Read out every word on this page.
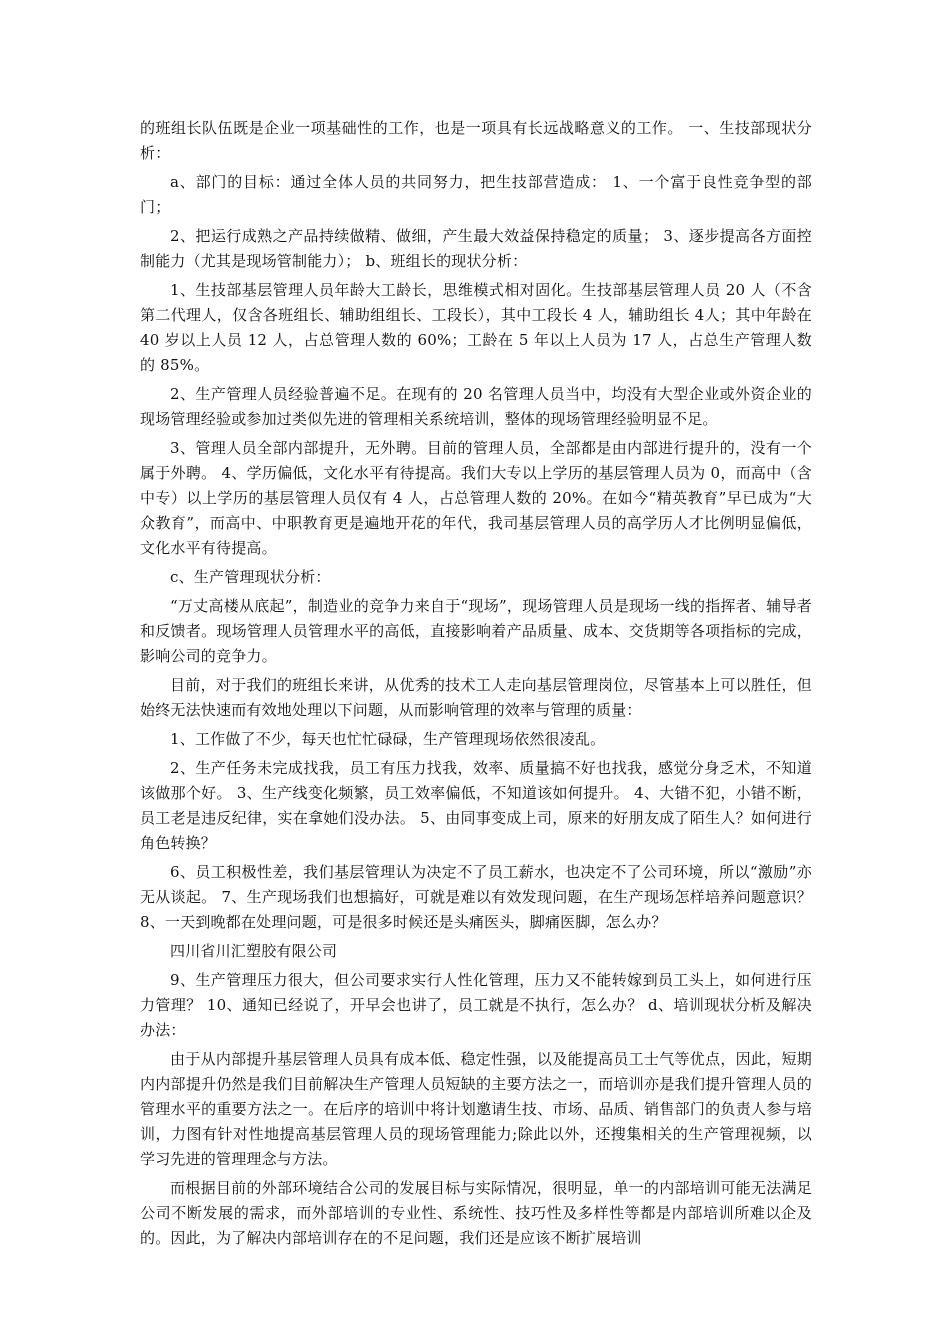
的班组长队伍既是企业一项基础性的工作，也是一项具有长远战略意义的工作。 一、生技部现状分析：

a、部门的目标：通过全体人员的共同努力，把生技部营造成： 1、一个富于良性竞争型的部门；

2、把运行成熟之产品持续做精、做细，产生最大效益保持稳定的质量； 3、逐步提高各方面控制能力（尤其是现场管制能力）； b、班组长的现状分析：

1、生技部基层管理人员年龄大工龄长，思维模式相对固化。生技部基层管理人员 20 人（不含第二代理人，仅含各班组长、辅助组组长、工段长），其中工段长 4 人，辅助组长 4人；其中年龄在 40 岁以上人员 12 人，占总管理人数的 60%；工龄在 5 年以上人员为 17 人，占总生产管理人数的 85%。

2、生产管理人员经验普遍不足。在现有的 20 名管理人员当中，均没有大型企业或外资企业的现场管理经验或参加过类似先进的管理相关系统培训，整体的现场管理经验明显不足。

3、管理人员全部内部提升，无外聘。目前的管理人员，全部都是由内部进行提升的，没有一个属于外聘。 4、学历偏低，文化水平有待提高。我们大专以上学历的基层管理人员为 0，而高中（含中专）以上学历的基层管理人员仅有 4 人，占总管理人数的 20%。在如今“精英教育”早已成为“大众教育”，而高中、中职教育更是遍地开花的年代，我司基层管理人员的高学历人才比例明显偏低，文化水平有待提高。

c、生产管理现状分析：

“万丈高楼从底起”，制造业的竞争力来自于“现场”，现场管理人员是现场一线的指挥者、辅导者和反馈者。现场管理人员管理水平的高低，直接影响着产品质量、成本、交货期等各项指标的完成，影响公司的竞争力。

目前，对于我们的班组长来讲，从优秀的技术工人走向基层管理岗位，尽管基本上可以胜任，但始终无法快速而有效地处理以下问题，从而影响管理的效率与管理的质量：

1、工作做了不少，每天也忙忙碌碌，生产管理现场依然很凌乱。

2、生产任务未完成找我，员工有压力找我，效率、质量搞不好也找我，感觉分身乏术，不知道该做那个好。 3、生产线变化频繁，员工效率偏低，不知道该如何提升。 4、大错不犯，小错不断，员工老是违反纪律，实在拿她们没办法。 5、由同事变成上司，原来的好朋友成了陌生人？如何进行角色转换？

6、员工积极性差，我们基层管理认为决定不了员工薪水，也决定不了公司环境，所以“激励”亦无从谈起。 7、生产现场我们也想搞好，可就是难以有效发现问题，在生产现场怎样培养问题意识？ 8、一天到晚都在处理问题，可是很多时候还是头痛医头，脚痛医脚，怎么办？

四川省川汇塑胶有限公司

9、生产管理压力很大，但公司要求实行人性化管理，压力又不能转嫁到员工头上，如何进行压力管理？ 10、通知已经说了，开早会也讲了，员工就是不执行，怎么办？ d、培训现状分析及解决办法：

由于从内部提升基层管理人员具有成本低、稳定性强，以及能提高员工士气等优点，因此，短期内内部提升仍然是我们目前解决生产管理人员短缺的主要方法之一，而培训亦是我们提升管理人员的管理水平的重要方法之一。在后序的培训中将计划邀请生技、市场、品质、销售部门的负责人参与培训，力图有针对性地提高基层管理人员的现场管理能力;除此以外，还搜集相关的生产管理视频，以学习先进的管理理念与方法。

而根据目前的外部环境结合公司的发展目标与实际情况，很明显，单一的内部培训可能无法满足公司不断发展的需求，而外部培训的专业性、系统性、技巧性及多样性等都是内部培训所难以企及的。因此，为了解决内部培训存在的不足问题，我们还是应该不断扩展培训
